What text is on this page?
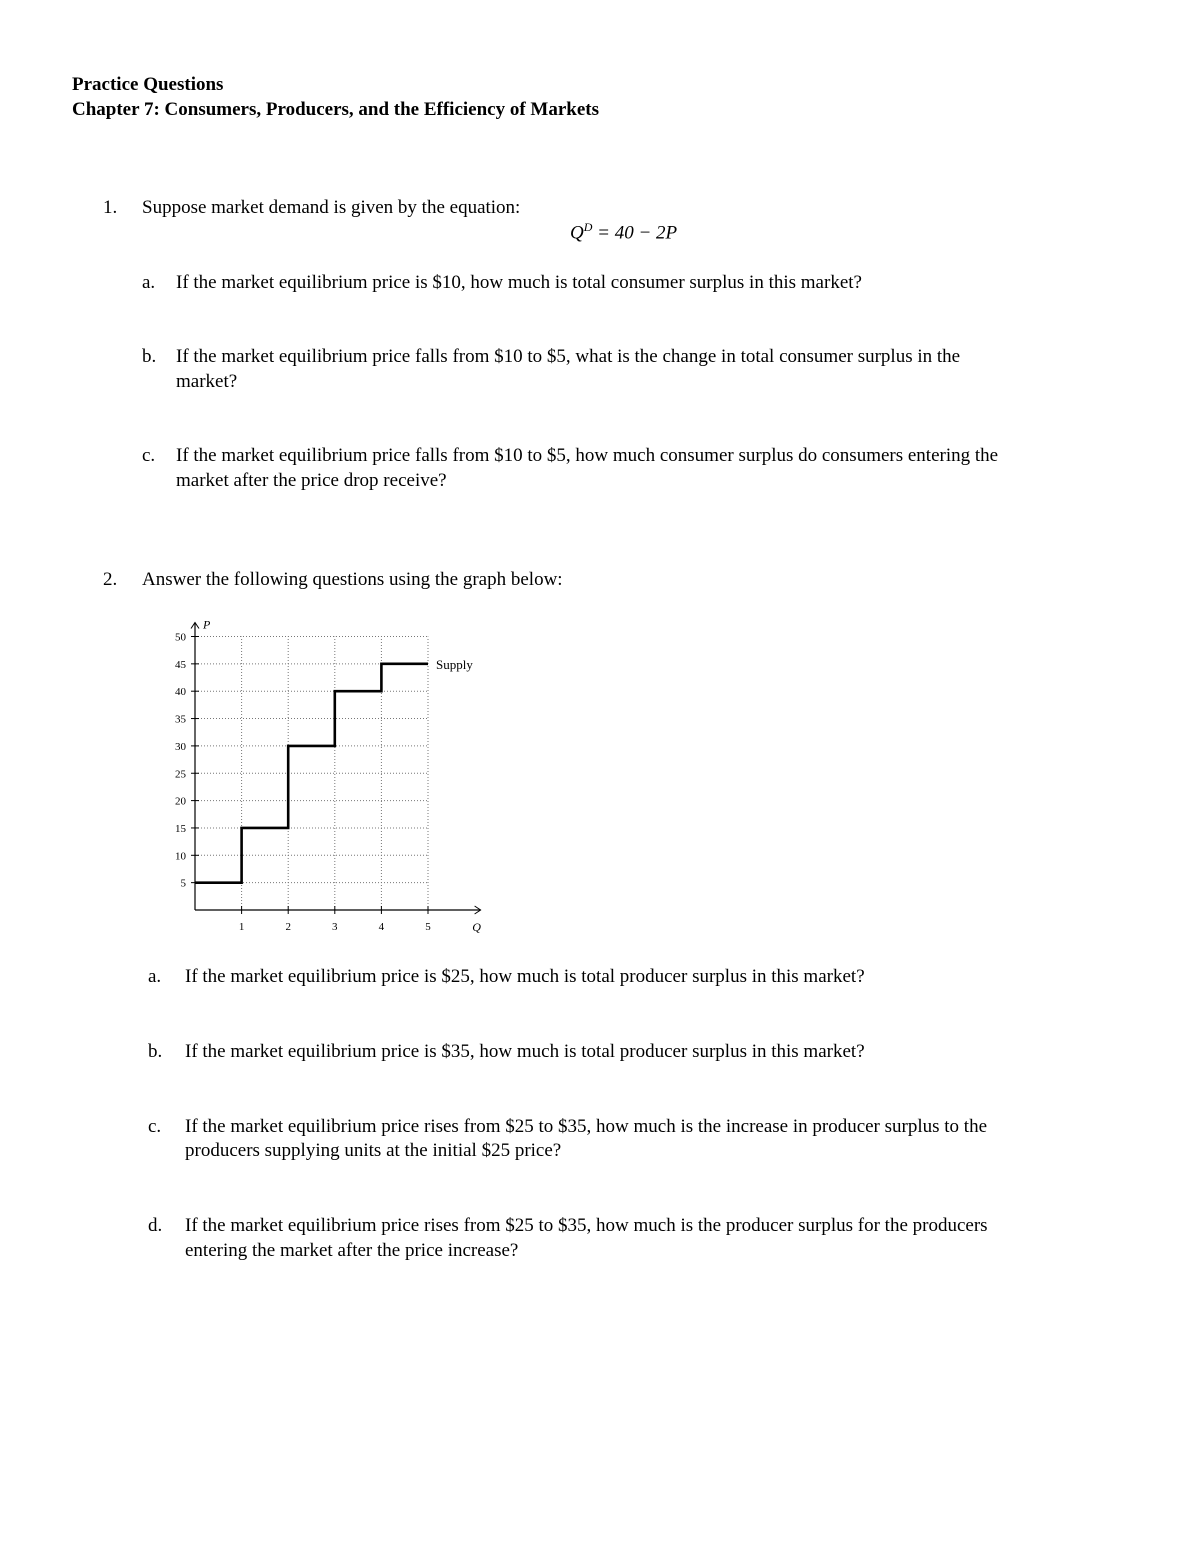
Practice Questions
Chapter 7: Consumers, Producers, and the Efficiency of Markets
1. Suppose market demand is given by the equation:
$Q^D = 40 - 2P$
a. If the market equilibrium price is $10, how much is total consumer surplus in this market?
b. If the market equilibrium price falls from $10 to $5, what is the change in total consumer surplus in the
market?
c. If the market equilibrium price falls from $10 to $5, how much consumer surplus do consumers entering the
market after the price drop receive?
2. Answer the following questions using the graph below:
5
10
15
20
25
30
35
40
45
50
1	2	3	4	5	Q
P
Supply
a. If the market equilibrium price is $25, how much is total producer surplus in this market?
b. If the market equilibrium price is $35, how much is total producer surplus in this market?
c. If the market equilibrium price rises from $25 to $35, how much is the increase in producer surplus to the
producers supplying units at the initial $25 price?
d. If the market equilibrium price rises from $25 to $35, how much is the producer surplus for the producers
entering the market after the price increase?
